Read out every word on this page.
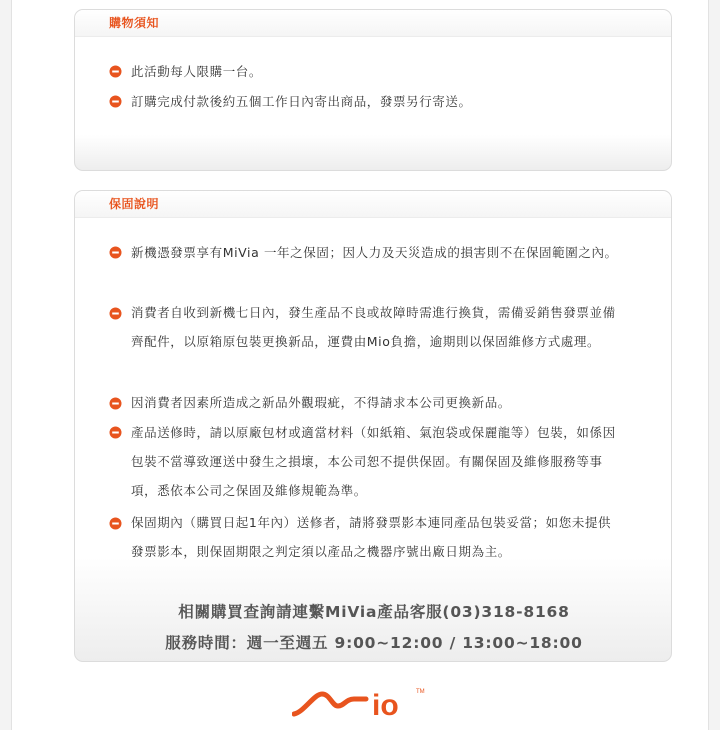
購物須知
此活動每人限購一台。
訂購完成付款後約五個工作日內寄出商品，發票另行寄送。
保固說明
新機憑發票享有MiVia 一年之保固；因人力及天災造成的損害則不在保固範圍之內。
消費者自收到新機七日內，發生產品不良或故障時需進行換貨，需備妥銷售發票並備齊配件，以原箱原包裝更換新品，運費由Mio負擔，逾期則以保固維修方式處理。
因消費者因素所造成之新品外觀瑕疵，不得請求本公司更換新品。
產品送修時，請以原廠包材或適當材料（如紙箱、氣泡袋或保麗龍等）包裝，如係因包裝不當導致運送中發生之損壞，本公司恕不提供保固。有關保固及維修服務等事項，悉依本公司之保固及維修規範為準。
保固期內（購買日起1年內）送修者，請將發票影本連同產品包裝妥當；如您未提供發票影本，則保固期限之判定須以產品之機器序號出廠日期為主。
相關購買查詢請連繫MiVia產品客服(03)318-8168
服務時間：週一至週五 9:00~12:00 / 13:00~18:00
io	TM
